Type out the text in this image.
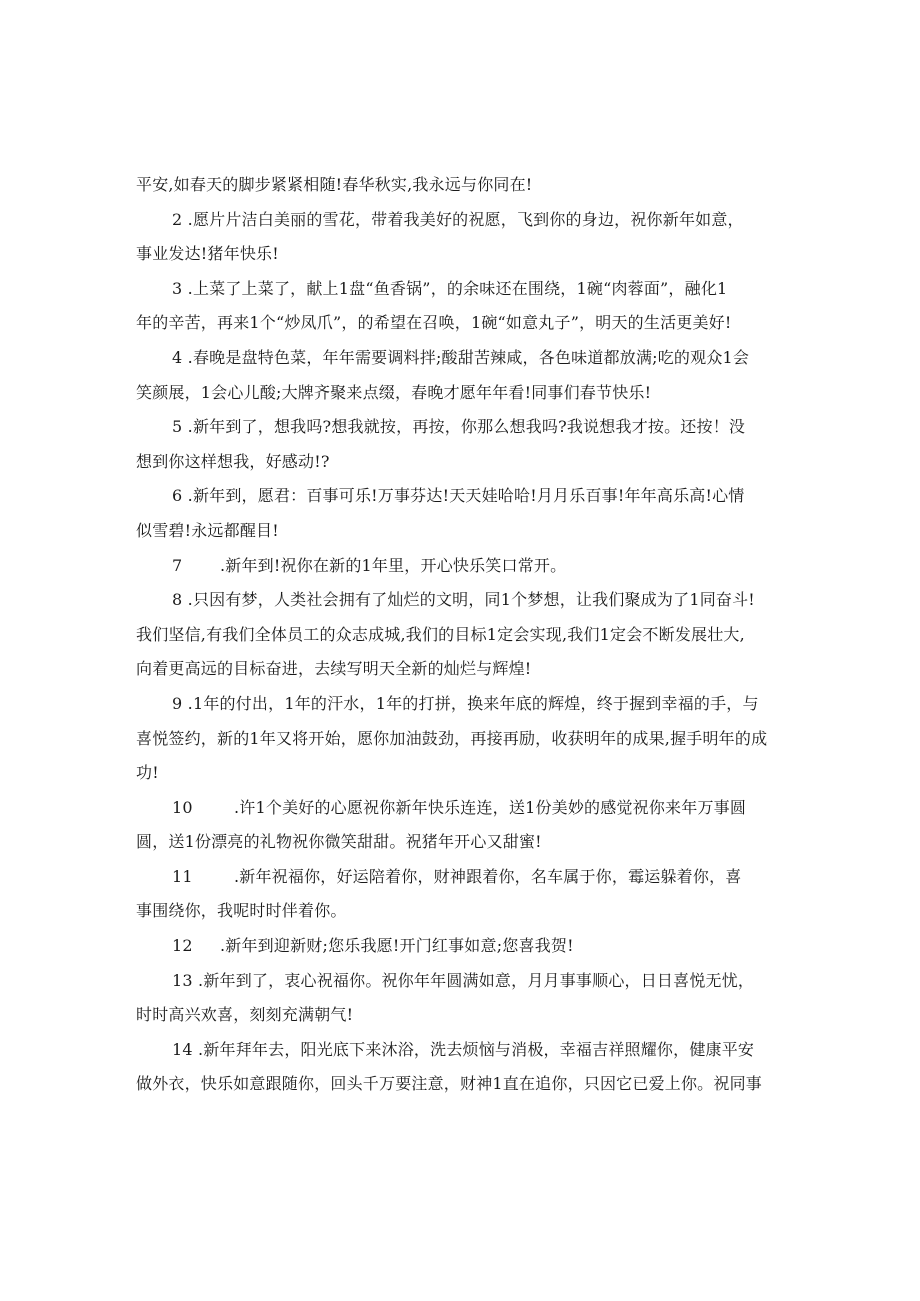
平安,如春天的脚步紧紧相随!春华秋实,我永远与你同在!
2 .愿片片洁白美丽的雪花，带着我美好的祝愿，飞到你的身边，祝你新年如意，
事业发达!猪年快乐!
3 .上菜了上菜了，献上1盘“鱼香锅”，的余味还在围绕，1碗“肉蓉面”，融化1
年的辛苦，再来1个“炒凤爪”，的希望在召唤，1碗“如意丸子”，明天的生活更美好!
4 .春晚是盘特色菜，年年需要调料拌;酸甜苦辣咸，各色味道都放满;吃的观众1会
笑颜展，1会心儿酸;大牌齐聚来点缀，春晚才愿年年看!同事们春节快乐!
5 .新年到了，想我吗?想我就按，再按，你那么想我吗?我说想我才按。还按！没
想到你这样想我，好感动!?
6 .新年到，愿君：百事可乐!万事芬达!天天娃哈哈!月月乐百事!年年高乐高!心情
似雪碧!永远都醒目!
7 .新年到!祝你在新的1年里，开心快乐笑口常开。
8 .只因有梦，人类社会拥有了灿烂的文明，同1个梦想，让我们聚成为了1同奋斗!
我们坚信,有我们全体员工的众志成城,我们的目标1定会实现,我们1定会不断发展壮大,
向着更高远的目标奋进，去续写明天全新的灿烂与辉煌!
9 .1年的付出，1年的汗水，1年的打拼，换来年底的辉煌，终于握到幸福的手，与
喜悦签约，新的1年又将开始，愿你加油鼓劲，再接再励，收获明年的成果,握手明年的成
功!
10	.许1个美好的心愿祝你新年快乐连连，送1份美妙的感觉祝你来年万事圆
圆，送1份漂亮的礼物祝你微笑甜甜。祝猪年开心又甜蜜!
11	.新年祝福你，好运陪着你，财神跟着你，名车属于你，霉运躲着你，喜
事围绕你，我呢时时伴着你。
12 .新年到迎新财;您乐我愿!开门红事如意;您喜我贺!
13 .新年到了，衷心祝福你。祝你年年圆满如意，月月事事顺心，日日喜悦无忧，
时时高兴欢喜，刻刻充满朝气!
14 .新年拜年去，阳光底下来沐浴，洗去烦恼与消极，幸福吉祥照耀你，健康平安
做外衣，快乐如意跟随你，回头千万要注意，财神1直在追你，只因它已爱上你。祝同事
